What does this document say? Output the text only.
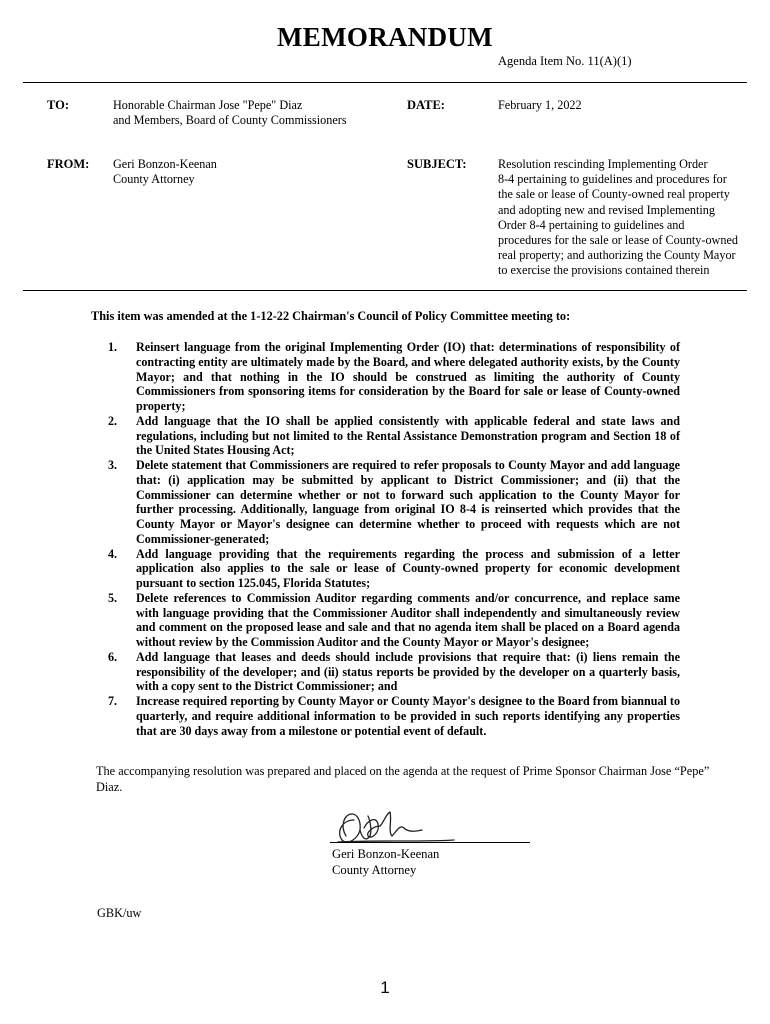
MEMORANDUM
Agenda Item No. 11(A)(1)
TO:	Honorable Chairman Jose "Pepe" Diaz
and Members, Board of County Commissioners
DATE:	February 1, 2022
FROM: Geri Bonzon-Keenan
County Attorney
SUBJECT:	Resolution rescinding Implementing Order
8-4 pertaining to guidelines and procedures for
the sale or lease of County-owned real property
and adopting new and revised Implementing
Order 8-4 pertaining to guidelines and
procedures for the sale or lease of County-owned
real property; and authorizing the County Mayor
to exercise the provisions contained therein
This item was amended at the 1-12-22 Chairman's Council of Policy Committee meeting to:
1. Reinsert language from the original Implementing Order (IO) that: determinations of responsibility of contracting entity are ultimately made by the Board, and where delegated authority exists, by the County Mayor; and that nothing in the IO should be construed as limiting the authority of County Commissioners from sponsoring items for consideration by the Board for sale or lease of County-owned property;
2. Add language that the IO shall be applied consistently with applicable federal and state laws and regulations, including but not limited to the Rental Assistance Demonstration program and Section 18 of the United States Housing Act;
3. Delete statement that Commissioners are required to refer proposals to County Mayor and add language that: (i) application may be submitted by applicant to District Commissioner; and (ii) that the Commissioner can determine whether or not to forward such application to the County Mayor for further processing. Additionally, language from original IO 8-4 is reinserted which provides that the County Mayor or Mayor's designee can determine whether to proceed with requests which are not Commissioner-generated;
4. Add language providing that the requirements regarding the process and submission of a letter application also applies to the sale or lease of County-owned property for economic development pursuant to section 125.045, Florida Statutes;
5. Delete references to Commission Auditor regarding comments and/or concurrence, and replace same with language providing that the Commissioner Auditor shall independently and simultaneously review and comment on the proposed lease and sale and that no agenda item shall be placed on a Board agenda without review by the Commission Auditor and the County Mayor or Mayor's designee;
6. Add language that leases and deeds should include provisions that require that: (i) liens remain the responsibility of the developer; and (ii) status reports be provided by the developer on a quarterly basis, with a copy sent to the District Commissioner; and
7. Increase required reporting by County Mayor or County Mayor's designee to the Board from biannual to quarterly, and require additional information to be provided in such reports identifying any properties that are 30 days away from a milestone or potential event of default.
The accompanying resolution was prepared and placed on the agenda at the request of Prime Sponsor Chairman Jose “Pepe” Diaz.
Geri Bonzon-Keenan
County Attorney
GBK/uw
1
